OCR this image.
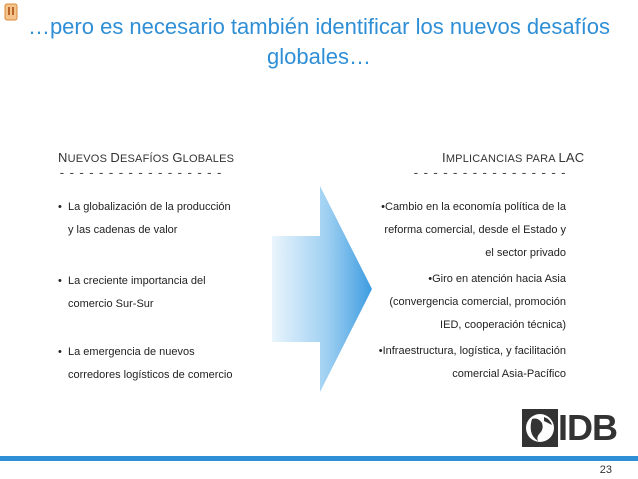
…pero es necesario también identificar los nuevos desafíos
globales…
NUEVOS DESAFÍOS GLOBALES
-----------------
IMPLICANCIAS PARA LAC
----------------
• La globalización de la producción
y las cadenas de valor
• La creciente importancia del
comercio Sur-Sur
• La emergencia de nuevos
corredores logísticos de comercio
•Cambio en la economía política de la
reforma comercial, desde el Estado y
el sector privado
•Giro en atención hacia Asia
(convergencia comercial, promoción
IED, cooperación técnica)
•Infraestructura, logística, y facilitación
comercial Asia-Pacífico
IDB
23
